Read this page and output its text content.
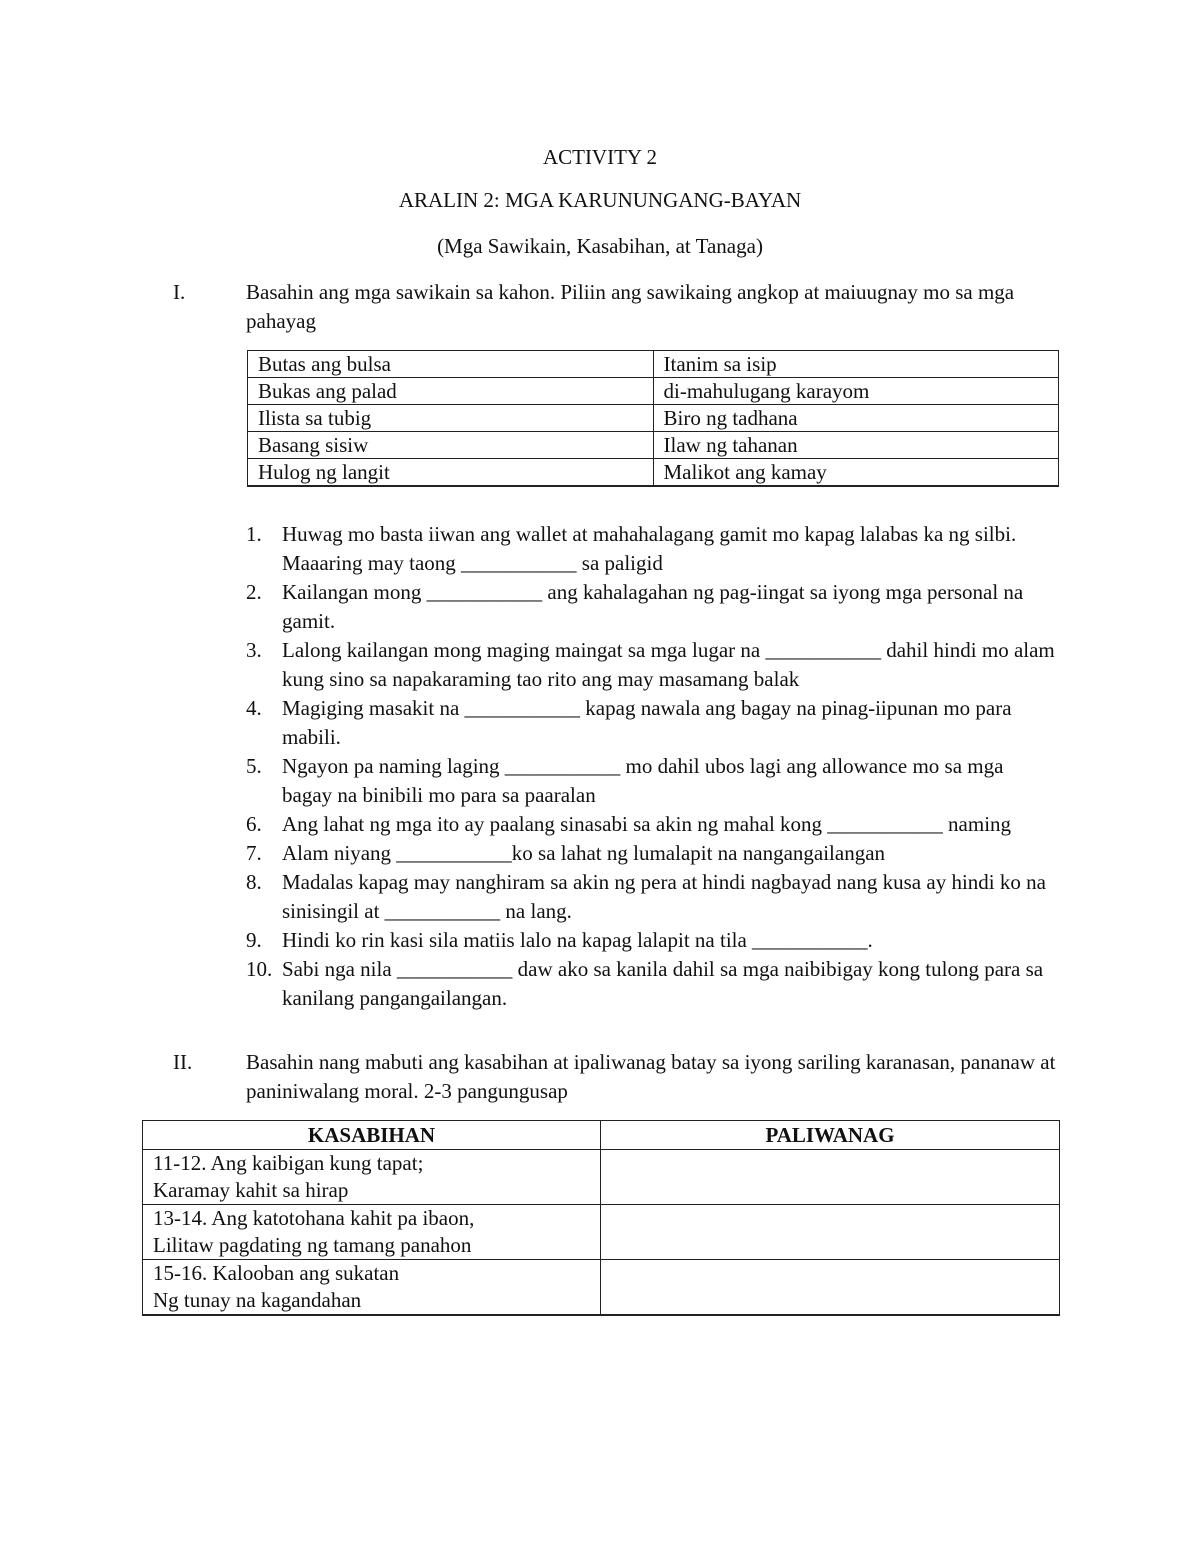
ACTIVITY 2
ARALIN 2: MGA KARUNUNGANG-BAYAN
(Mga Sawikain, Kasabihan, at Tanaga)
I.	Basahin ang mga sawikain sa kahon. Piliin ang sawikaing angkop at maiuugnay mo sa mga pahayag
Butas ang bulsa	Itanim sa isip
Bukas ang palad	di-mahulugang karayom
Ilista sa tubig	Biro ng tadhana
Basang sisiw	Ilaw ng tahanan
Hulog ng langit	Malikot ang kamay
1. Huwag mo basta iiwan ang wallet at mahahalagang gamit mo kapag lalabas ka ng silbi. Maaaring may taong ___________ sa paligid
2. Kailangan mong ___________ ang kahalagahan ng pag-iingat sa iyong mga personal na gamit.
3. Lalong kailangan mong maging maingat sa mga lugar na ___________ dahil hindi mo alam kung sino sa napakaraming tao rito ang may masamang balak
4. Magiging masakit na ___________ kapag nawala ang bagay na pinag-iipunan mo para mabili.
5. Ngayon pa naming laging ___________ mo dahil ubos lagi ang allowance mo sa mga bagay na binibili mo para sa paaralan
6. Ang lahat ng mga ito ay paalang sinasabi sa akin ng mahal kong ___________ naming
7. Alam niyang ___________ko sa lahat ng lumalapit na nangangailangan
8. Madalas kapag may nanghiram sa akin ng pera at hindi nagbayad nang kusa ay hindi ko na sinisingil at ___________ na lang.
9. Hindi ko rin kasi sila matiis lalo na kapag lalapit na tila ___________.
10. Sabi nga nila ___________ daw ako sa kanila dahil sa mga naibibigay kong tulong para sa kanilang pangangailangan.
II.	Basahin nang mabuti ang kasabihan at ipaliwanag batay sa iyong sariling karanasan, pananaw at paniniwalang moral. 2-3 pangungusap
KASABIHAN	PALIWANAG

11-12. Ang kaibigan kung tapat;
Karamay kahit sa hirap	

13-14. Ang katotohana kahit pa ibaon,
Lilitaw pagdating ng tamang panahon	

15-16. Kalooban ang sukatan
Ng tunay na kagandahan	
